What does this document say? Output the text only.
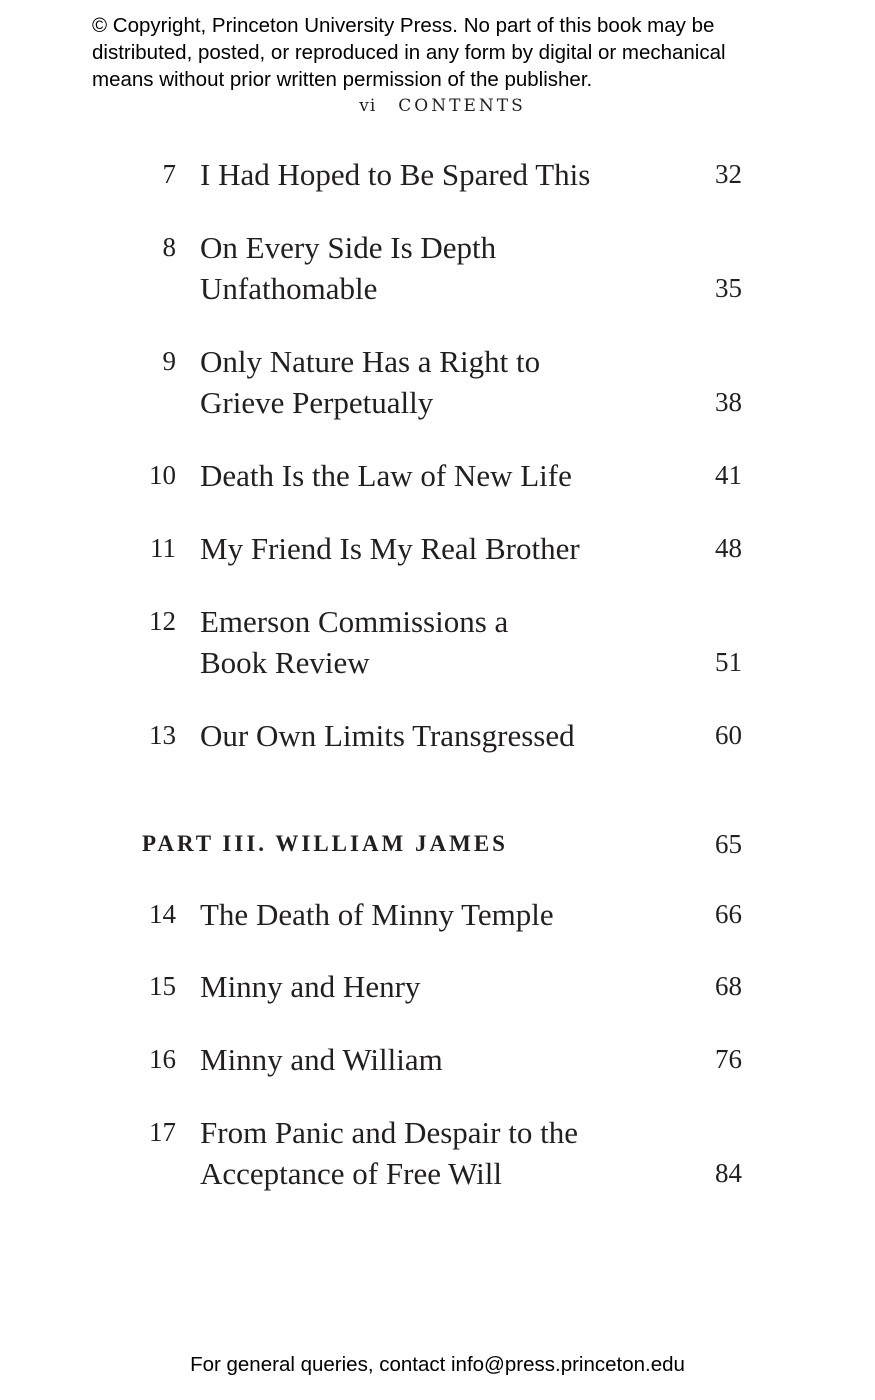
© Copyright, Princeton University Press. No part of this book may be
distributed, posted, or reproduced in any form by digital or mechanical
means without prior written permission of the publisher.
vi CONTENTS
7 I Had Hoped to Be Spared This	32
8 On Every Side Is Depth
Unfathomable	35
9 Only Nature Has a Right to
Grieve Perpetually	38
10 Death Is the Law of New Life	41
11 My Friend Is My Real Brother	48
12 Emerson Commissions a
Book Review	51
13 Our Own Limits Transgressed	60
PART III. WILLIAM JAMES	65
14 The Death of Minny Temple	66
15 Minny and Henry	68
16 Minny and William	76
17 From Panic and Despair to the
Acceptance of Free Will	84
For general queries, contact info@press.princeton.edu
